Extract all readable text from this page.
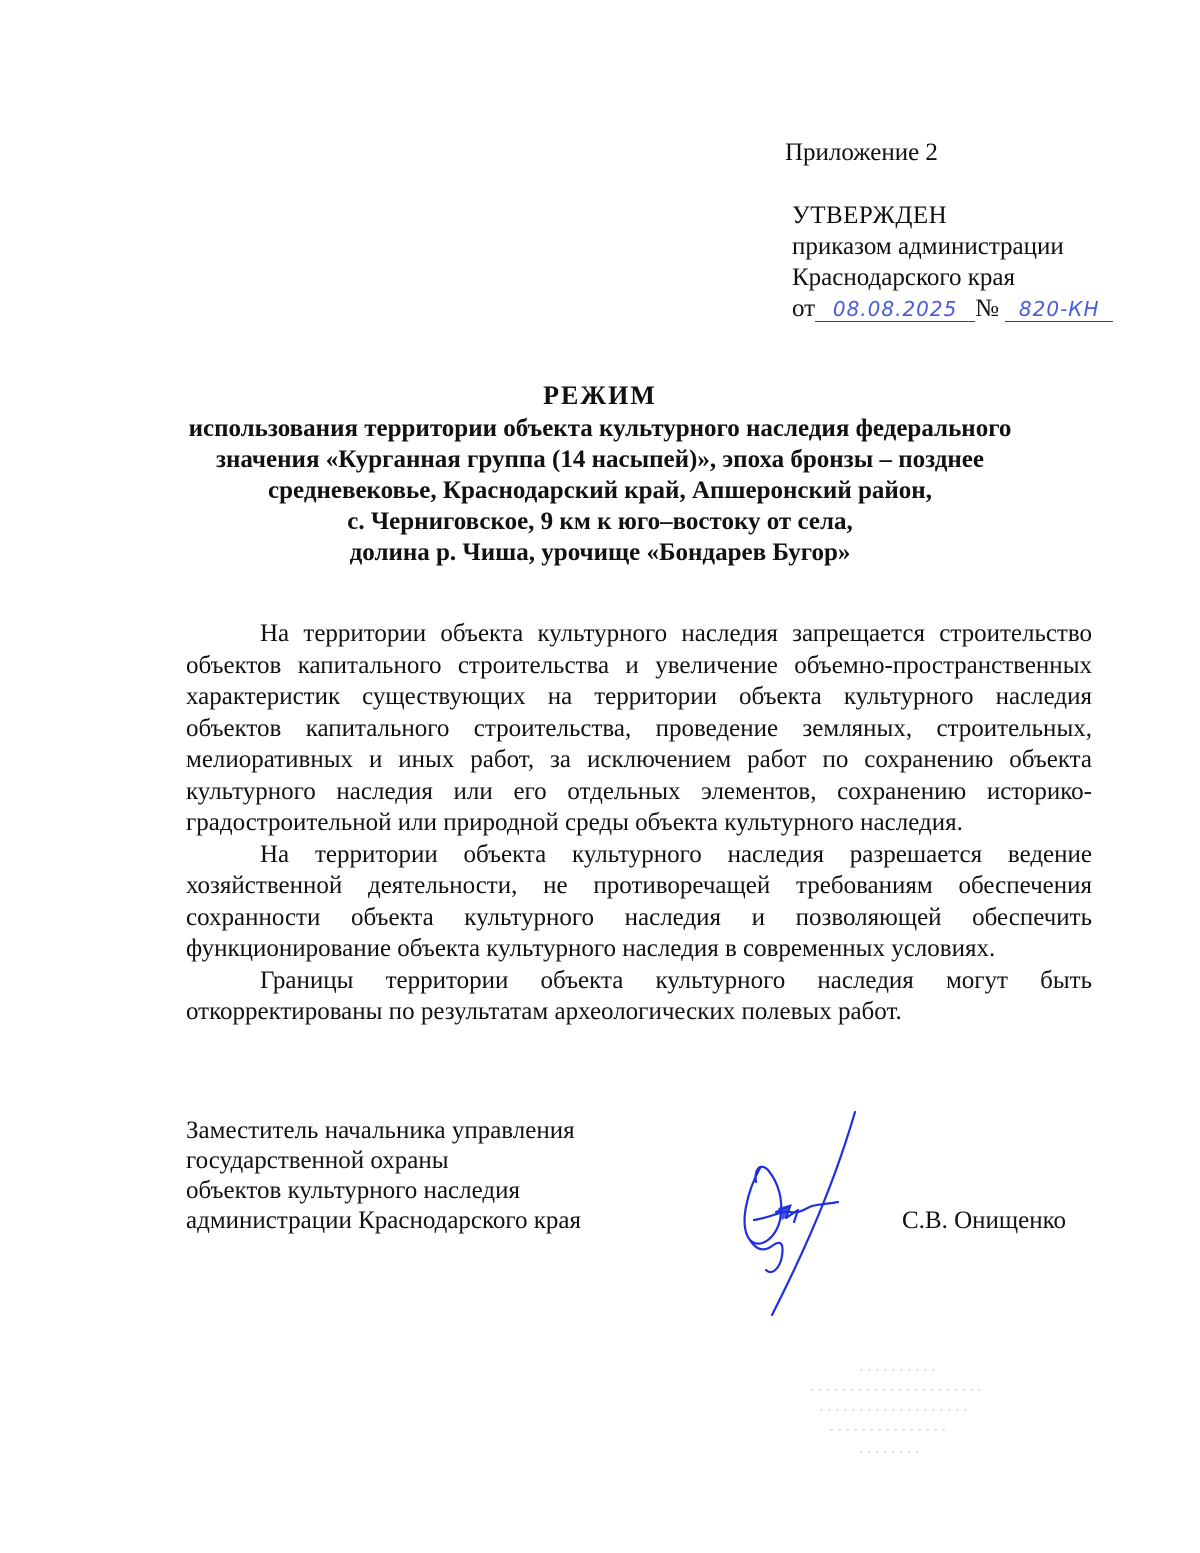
Приложение 2
УТВЕРЖДЕН
приказом администрации
Краснодарского края
от 08.08.2025 № 820-КН
РЕЖИМ
использования территории объекта культурного наследия федерального
значения «Курганная группа (14 насыпей)», эпоха бронзы – позднее
средневековье, Краснодарский край, Апшеронский район,
с. Черниговское, 9 км к юго–востоку от села,
долина р. Чиша, урочище «Бондарев Бугор»

На территории объекта культурного наследия запрещается строительство объектов капитального строительства и увеличение объемно-пространственных характеристик существующих на территории объекта культурного наследия объектов капитального строительства, проведение земляных, строительных, мелиоративных и иных работ, за исключением работ по сохранению объекта культурного наследия или его отдельных элементов, сохранению историко-градостроительной или природной среды объекта культурного наследия.

На территории объекта культурного наследия разрешается ведение хозяйственной деятельности, не противоречащей требованиям обеспечения сохранности объекта культурного наследия и позволяющей обеспечить функционирование объекта культурного наследия в современных условиях.

Границы территории объекта культурного наследия могут быть откорректированы по результатам археологических полевых работ.

Заместитель начальника управления
государственной охраны
объектов культурного наследия
администрации Краснодарского края	С.В. Онищенко
